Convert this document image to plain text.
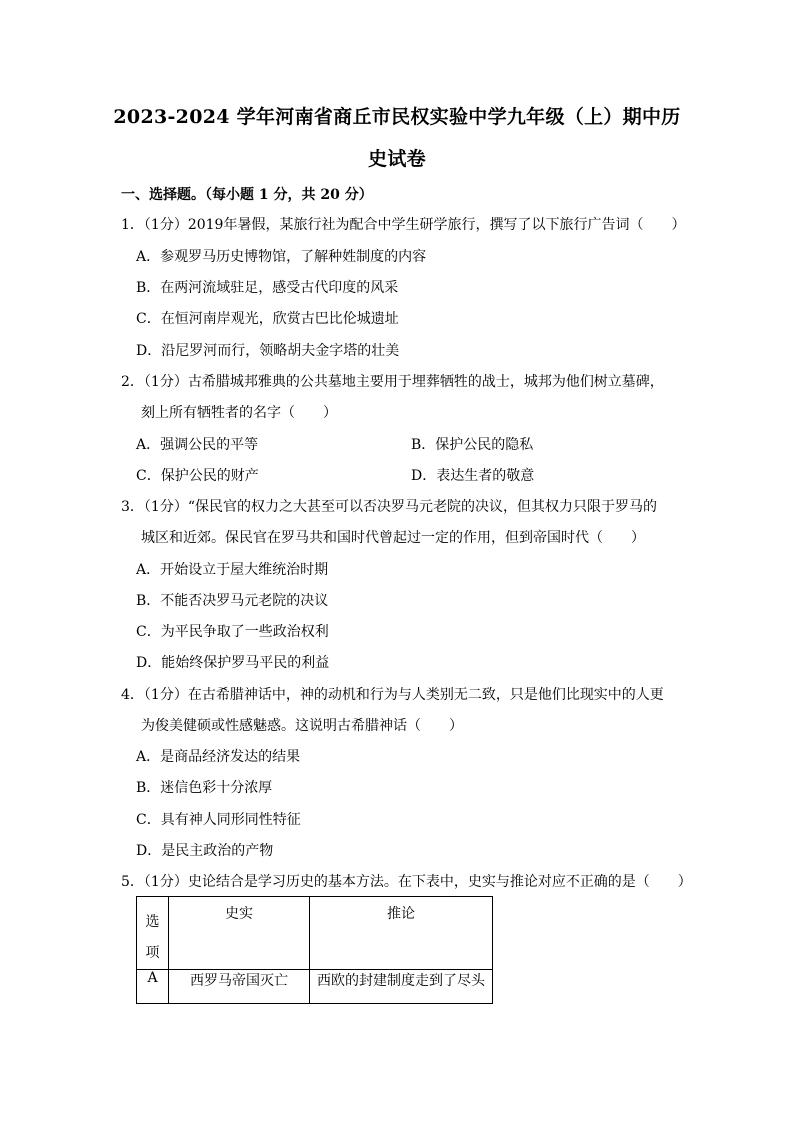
2023-2024 学年河南省商丘市民权实验中学九年级（上）期中历
史试卷
一、选择题。（每小题 1 分，共 20 分）
1．（1分）2019年暑假，某旅行社为配合中学生研学旅行，撰写了以下旅行广告词（　　）
A．参观罗马历史博物馆，了解种姓制度的内容
B．在两河流域驻足，感受古代印度的风采
C．在恒河南岸观光，欣赏古巴比伦城遗址
D．沿尼罗河而行，领略胡夫金字塔的壮美
2．（1分）古希腊城邦雅典的公共墓地主要用于埋葬牺牲的战士，城邦为他们树立墓碑，
刻上所有牺牲者的名字（　　）
A．强调公民的平等	B．保护公民的隐私
C．保护公民的财产	D．表达生者的敬意
3．（1分）“保民官的权力之大甚至可以否决罗马元老院的决议，但其权力只限于罗马的
城区和近郊。保民官在罗马共和国时代曾起过一定的作用，但到帝国时代（　　）
A．开始设立于屋大维统治时期
B．不能否决罗马元老院的决议
C．为平民争取了一些政治权利
D．能始终保护罗马平民的利益
4．（1分）在古希腊神话中，神的动机和行为与人类别无二致，只是他们比现实中的人更
为俊美健硕或性感魅惑。这说明古希腊神话（　　）
A．是商品经济发达的结果
B．迷信色彩十分浓厚
C．具有神人同形同性特征
D．是民主政治的产物
5．（1分）史论结合是学习历史的基本方法。在下表中，史实与推论对应不正确的是（　　）
选项	史实	推论

A	西罗马帝国灭亡	西欧的封建制度走到了尽头
